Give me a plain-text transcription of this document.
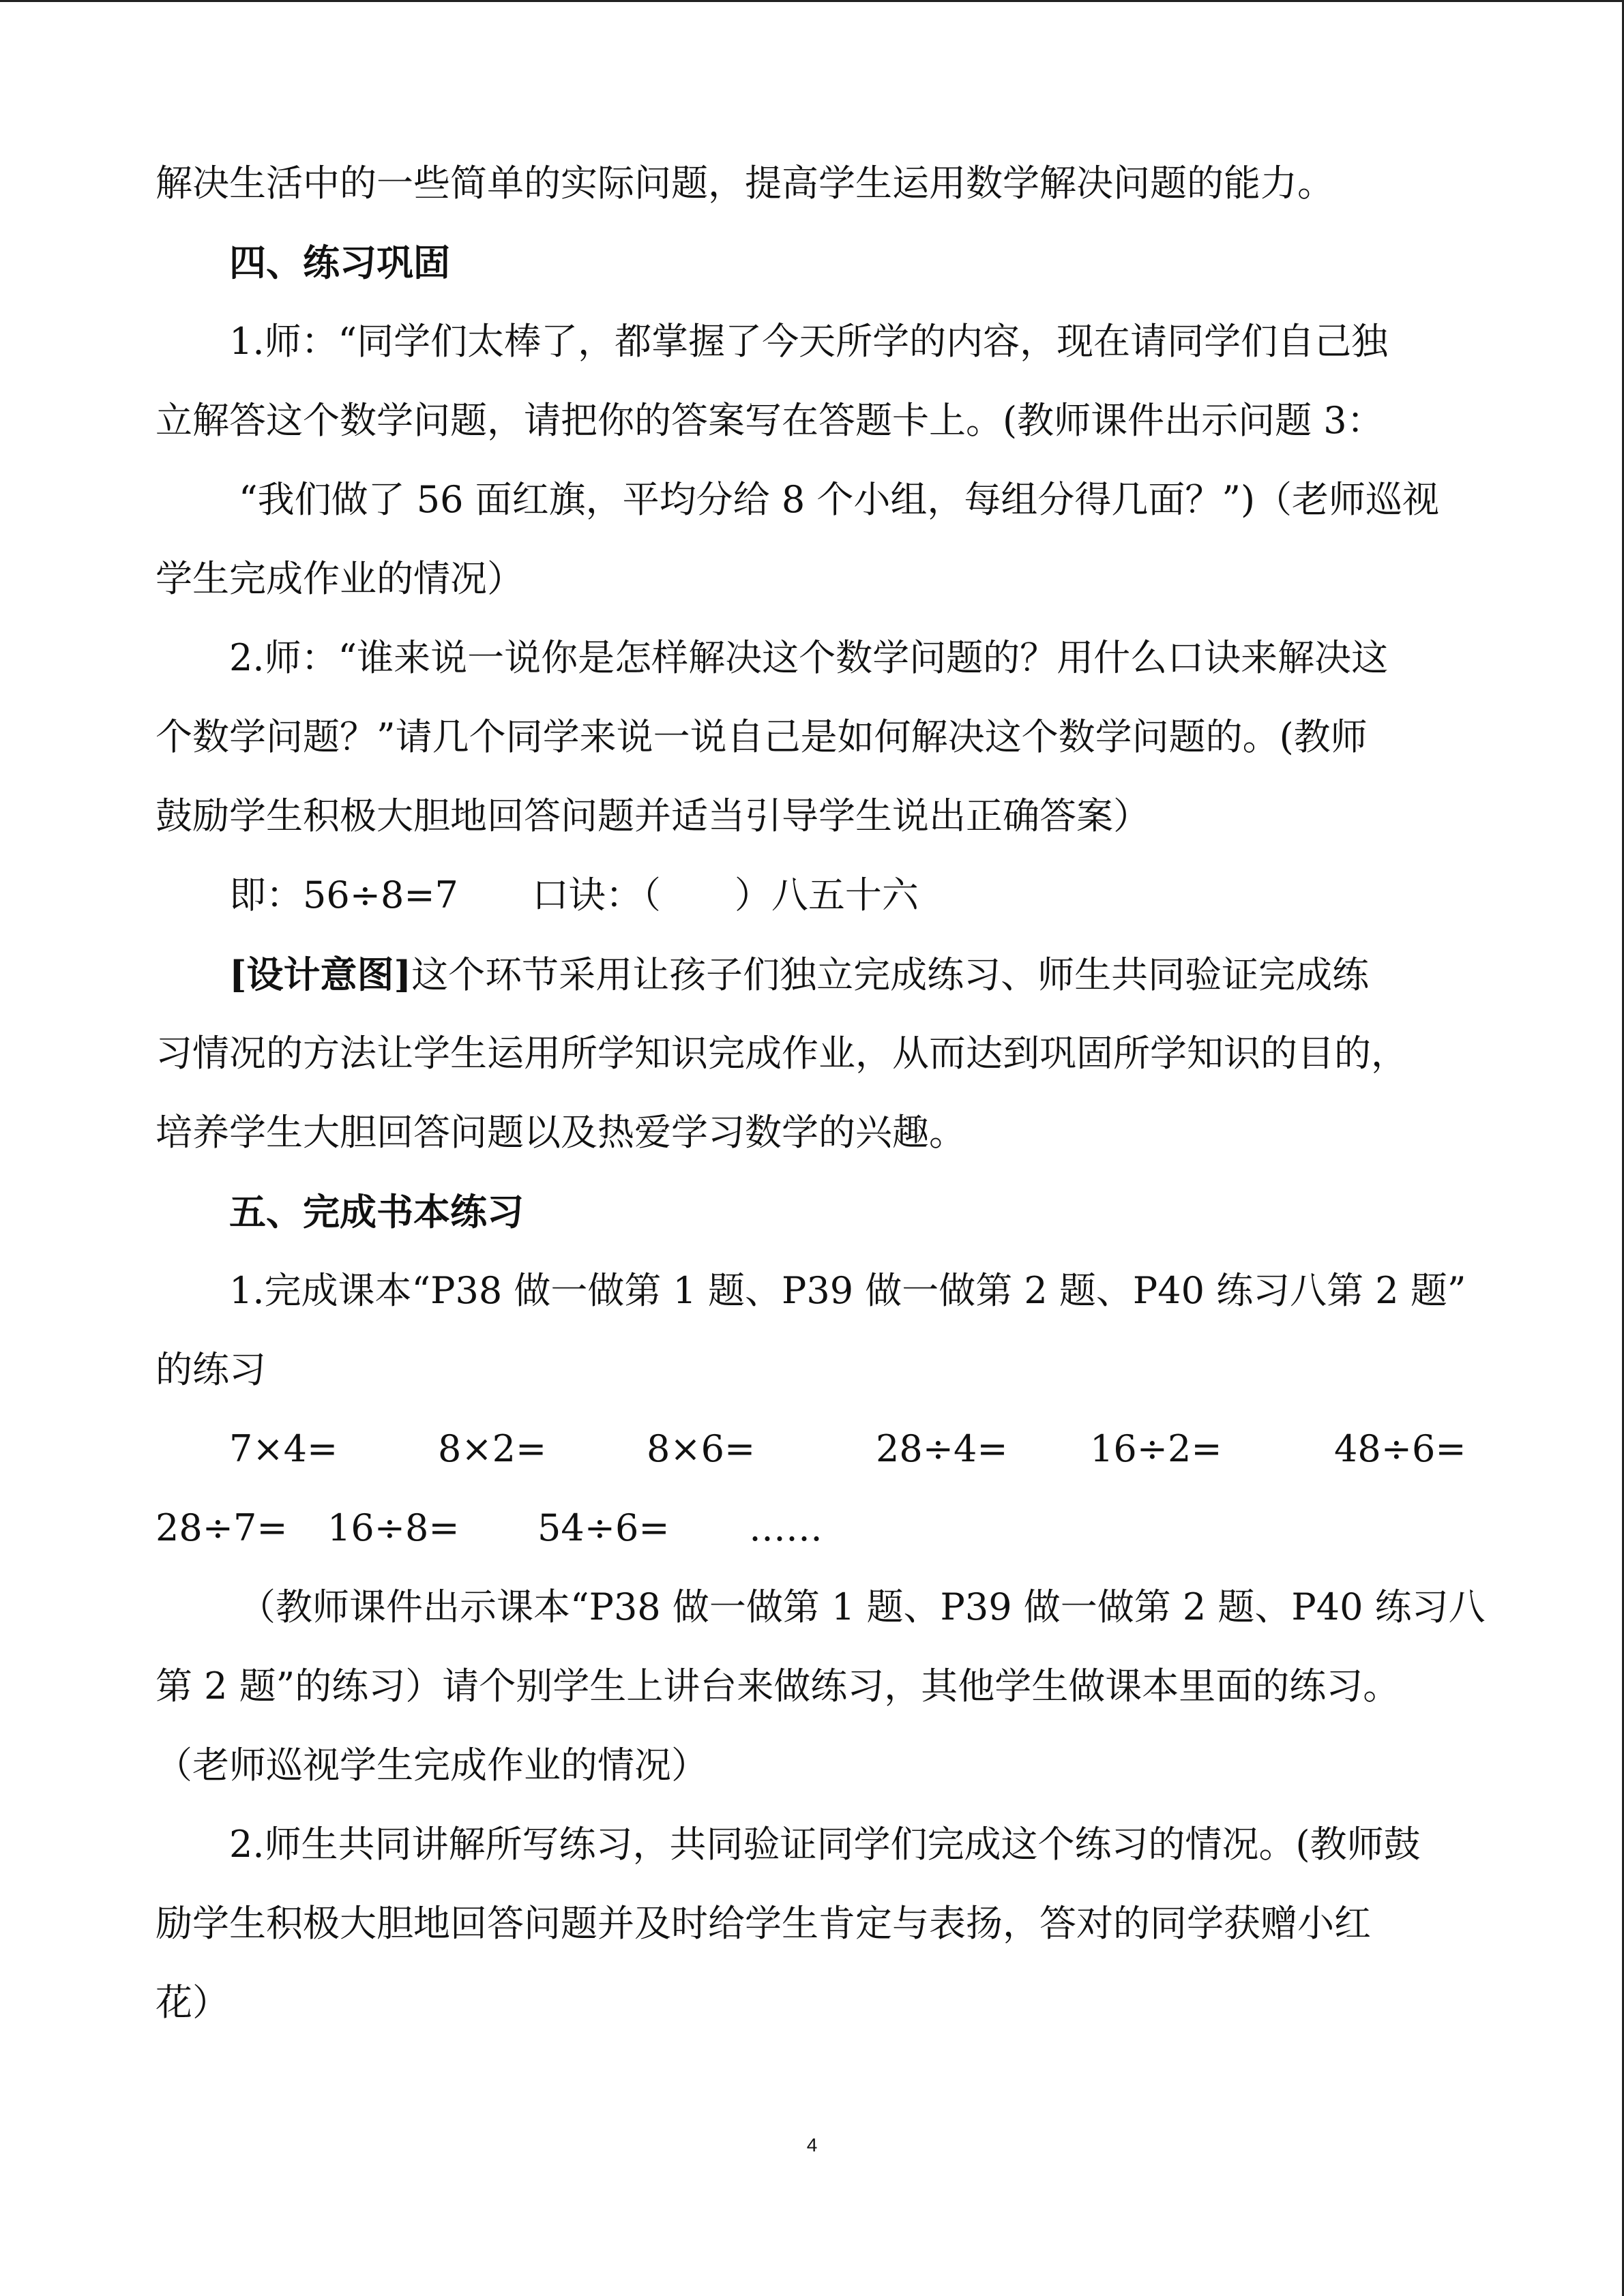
解决生活中的一些简单的实际问题，提高学生运用数学解决问题的能力。
四、练习巩固
1.师：“同学们太棒了，都掌握了今天所学的内容，现在请同学们自己独
立解答这个数学问题，请把你的答案写在答题卡上。(教师课件出示问题 3：
“我们做了 56 面红旗，平均分给 8 个小组，每组分得几面？”)（老师巡视
学生完成作业的情况）
2.师：“谁来说一说你是怎样解决这个数学问题的？用什么口诀来解决这
个数学问题？”请几个同学来说一说自己是如何解决这个数学问题的。(教师
鼓励学生积极大胆地回答问题并适当引导学生说出正确答案）
即：56÷8=7　　口诀：（　　）八五十六
[设计意图]这个环节采用让孩子们独立完成练习、师生共同验证完成练
习情况的方法让学生运用所学知识完成作业，从而达到巩固所学知识的目的，
培养学生大胆回答问题以及热爱学习数学的兴趣。
五、完成书本练习
1.完成课本“P38 做一做第 1 题、P39 做一做第 2 题、P40 练习八第 2 题”
的练习
7×4=	8×2=	8×6=	28÷4= 16÷2=	48÷6=
28÷7= 16÷8= 54÷6= ……
（教师课件出示课本“P38 做一做第 1 题、P39 做一做第 2 题、P40 练习八
第 2 题”的练习）请个别学生上讲台来做练习，其他学生做课本里面的练习。
（老师巡视学生完成作业的情况）
2.师生共同讲解所写练习，共同验证同学们完成这个练习的情况。(教师鼓
励学生积极大胆地回答问题并及时给学生肯定与表扬，答对的同学获赠小红
花）
4
